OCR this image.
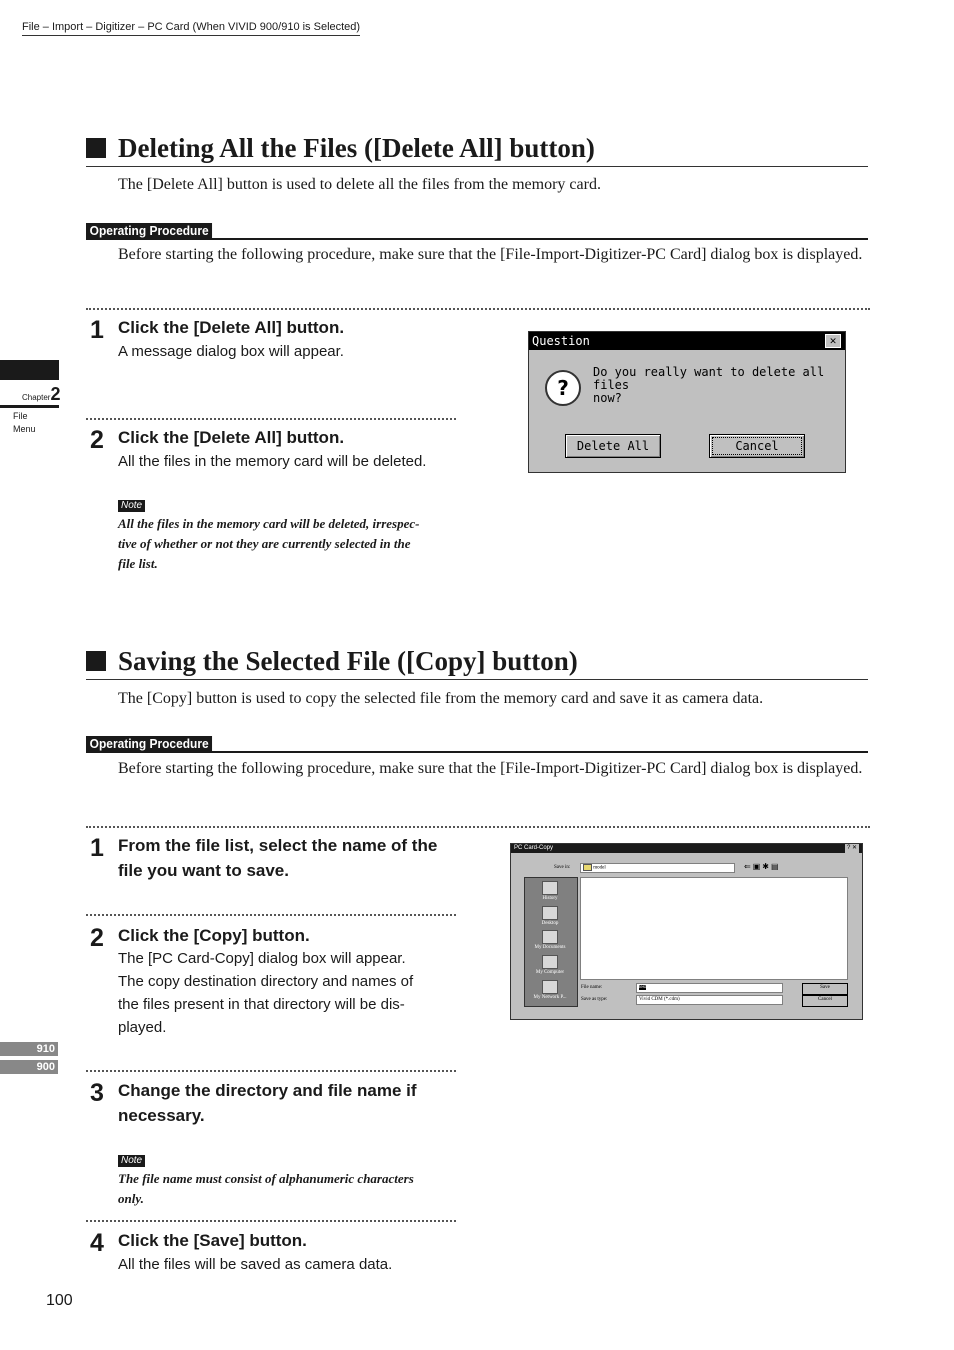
File – Import – Digitizer – PC Card (When VIVID 900/910 is Selected)
Chapter2
File
Menu
910
900
Deleting All the Files ([Delete All] button)
The [Delete All] button is used to delete all the files from the memory card.
Operating Procedure
Before starting the following procedure, make sure that the [File-Import-Digitizer-PC Card] dialog box is displayed.
1 Click the [Delete All] button.
A message dialog box will appear.
2 Click the [Delete All] button.
All the files in the memory card will be deleted.
Note
All the files in the memory card will be deleted, irrespec-
tive of whether or not they are currently selected in the
file list.
Question	✕
?
Do you really want to delete all files
now?
Delete All	Cancel
Saving the Selected File ([Copy] button)
The [Copy] button is used to copy the selected file from the memory card and save it as camera data.
Operating Procedure
Before starting the following procedure, make sure that the [File-Import-Digitizer-PC Card] dialog box is displayed.
1 From the file list, select the name of the
file you want to save.
2 Click the [Copy] button.
The [PC Card-Copy] dialog box will appear.
The copy destination directory and names of
the files present in that directory will be dis-
played.
3 Change the directory and file name if
necessary.
Note
The file name must consist of alphanumeric characters
only.
4 Click the [Save] button.
All the files will be saved as camera data.
PC Card-Copy	? ✕
Save in:	model	⇐ ▣ ✱ ▤
History
Desktop
My Documents
My Computer
My Network P...
File name:	test
Save as type:	Vivid CDM (*.cdm)
Save
Cancel
100
